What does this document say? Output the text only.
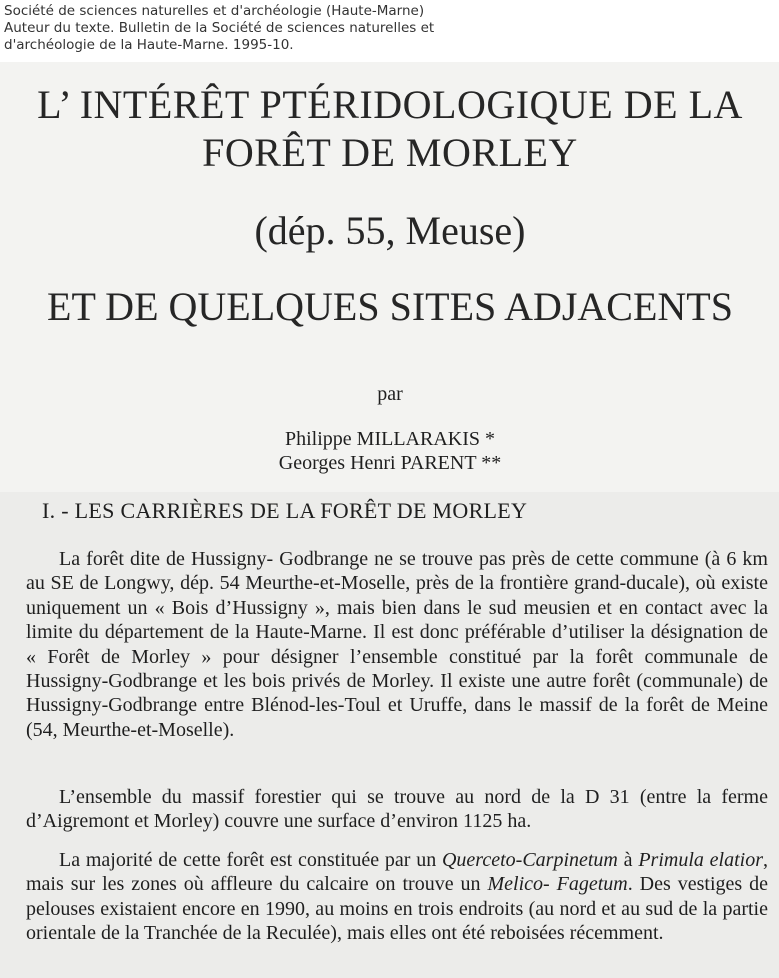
Société de sciences naturelles et d'archéologie (Haute-Marne)
Auteur du texte. Bulletin de la Société de sciences naturelles et
d'archéologie de la Haute-Marne. 1995-10.
L’ INTÉRÊT PTÉRIDOLOGIQUE DE LA
FORÊT DE MORLEY
(dép. 55, Meuse)
ET DE QUELQUES SITES ADJACENTS
par
Philippe MILLARAKIS *
Georges Henri PARENT **
I. - LES CARRIÈRES DE LA FORÊT DE MORLEY

La forêt dite de Hussigny- Godbrange ne se trouve pas près de cette commune (à 6 km au SE de Longwy, dép. 54 Meurthe-et-Moselle, près de la frontière grand-ducale), où existe uniquement un « Bois d’Hussigny », mais bien dans le sud meusien et en contact avec la limite du département de la Haute-Marne. Il est donc préférable d’utiliser la désignation de « Forêt de Morley » pour désigner l’ensemble constitué par la forêt communale de Hussigny-Godbrange et les bois privés de Morley. Il existe une autre forêt (communale) de Hussigny-Godbrange entre Blénod-les-Toul et Uruffe, dans le massif de la forêt de Meine (54, Meurthe-et-Moselle).

L’ensemble du massif forestier qui se trouve au nord de la D 31 (entre la ferme d’Aigremont et Morley) couvre une surface d’environ 1125 ha.

La majorité de cette forêt est constituée par un Querceto-Carpinetum à Primula elatior, mais sur les zones où affleure du calcaire on trouve un Melico- Fagetum. Des vestiges de pelouses existaient encore en 1990, au moins en trois endroits (au nord et au sud de la partie orientale de la Tranchée de la Reculée), mais elles ont été reboisées récemment.
